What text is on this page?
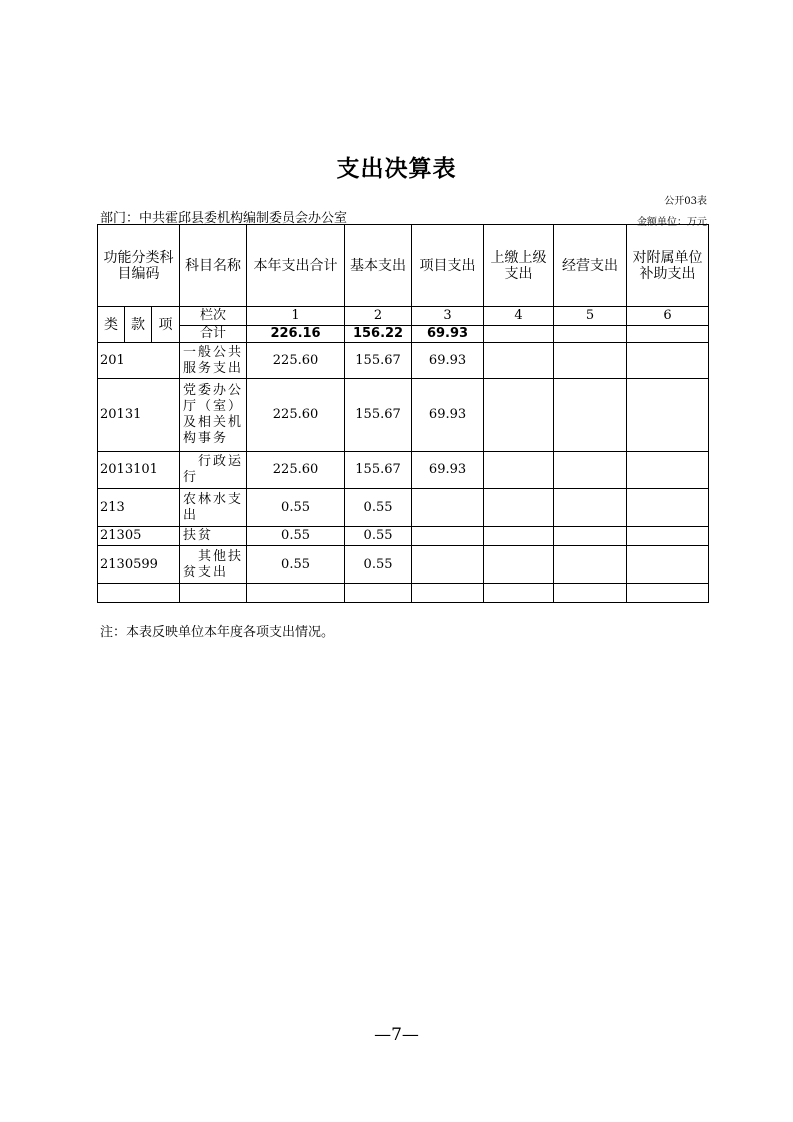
支出决算表
公开03表
部门：中共霍邱县委机构编制委员会办公室	金额单位：万元
功能分类科目编码			科目名称	本年支出合计	基本支出	项目支出	上缴上级支出	经营支出	对附属单位补助支出
类	款	项	栏次	1	2	3	4	5	6
			合计	226.16	156.22	69.93			
201			一般公共服务支出	225.60	155.67	69.93			
20131			党委办公厅（室）及相关机构事务	225.60	155.67	69.93			
2013101			　行政运行	225.60	155.67	69.93			
213			农林水支出	0.55	0.55				
21305			扶贫	0.55	0.55				
2130599			　其他扶贫支出	0.55	0.55				

注：本表反映单位本年度各项支出情况。
—7—
